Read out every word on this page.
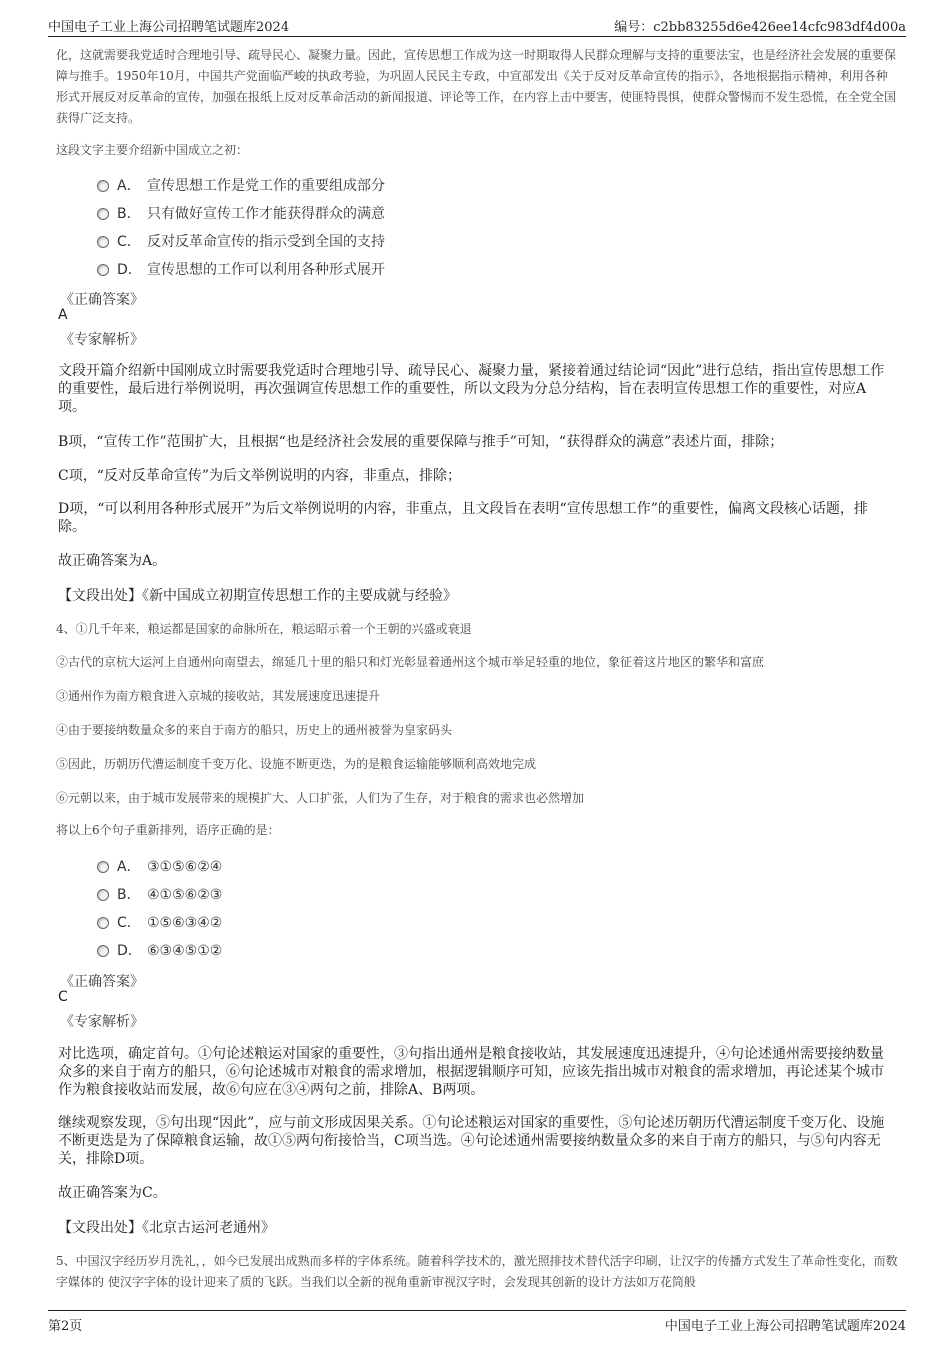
中国电子工业上海公司招聘笔试题库2024	编号：c2bb83255d6e426ee14cfc983df4d00a
化，这就需要我党适时合理地引导、疏导民心、凝聚力量。因此，宣传思想工作成为这一时期取得人民群众理解与支持的重要法宝，也是经济社会发展的重要保障与推手。1950年10月，中国共产党面临严峻的执政考验，为巩固人民民主专政，中宣部发出《关于反对反革命宣传的指示》，各地根据指示精神，利用各种形式开展反对反革命的宣传，加强在报纸上反对反革命活动的新闻报道、评论等工作，在内容上击中要害，使匪特畏惧，使群众警惕而不发生恐慌，在全党全国获得广泛支持。
这段文字主要介绍新中国成立之初：
A． 宣传思想工作是党工作的重要组成部分
B． 只有做好宣传工作才能获得群众的满意
C． 反对反革命宣传的指示受到全国的支持
D． 宣传思想的工作可以利用各种形式展开
《正确答案》
A
《专家解析》
文段开篇介绍新中国刚成立时需要我党适时合理地引导、疏导民心、凝聚力量，紧接着通过结论词“因此”进行总结，指出宣传思想工作的重要性，最后进行举例说明，再次强调宣传思想工作的重要性，所以文段为分总分结构，旨在表明宣传思想工作的重要性，对应A项。
B项，“宣传工作”范围扩大，且根据“也是经济社会发展的重要保障与推手”可知，“获得群众的满意”表述片面，排除；
C项，“反对反革命宣传”为后文举例说明的内容，非重点，排除；
D项，“可以利用各种形式展开”为后文举例说明的内容，非重点，且文段旨在表明“宣传思想工作”的重要性，偏离文段核心话题，排除。
故正确答案为A。
【文段出处】《新中国成立初期宣传思想工作的主要成就与经验》
4、①几千年来，粮运都是国家的命脉所在，粮运昭示着一个王朝的兴盛或衰退
②古代的京杭大运河上自通州向南望去，绵延几十里的船只和灯光彰显着通州这个城市举足轻重的地位，象征着这片地区的繁华和富庶
③通州作为南方粮食进入京城的接收站，其发展速度迅速提升
④由于要接纳数量众多的来自于南方的船只，历史上的通州被誉为皇家码头
⑤因此，历朝历代漕运制度千变万化、设施不断更迭，为的是粮食运输能够顺利高效地完成
⑥元朝以来，由于城市发展带来的规模扩大、人口扩张，人们为了生存，对于粮食的需求也必然增加
将以上6个句子重新排列，语序正确的是：
A． ③①⑤⑥②④
B． ④①⑤⑥②③
C． ①⑤⑥③④②
D． ⑥③④⑤①②
《正确答案》
C
《专家解析》
对比选项，确定首句。①句论述粮运对国家的重要性，③句指出通州是粮食接收站，其发展速度迅速提升，④句论述通州需要接纳数量众多的来自于南方的船只，⑥句论述城市对粮食的需求增加，根据逻辑顺序可知，应该先指出城市对粮食的需求增加，再论述某个城市作为粮食接收站而发展，故⑥句应在③④两句之前，排除A、B两项。
继续观察发现，⑤句出现“因此”，应与前文形成因果关系。①句论述粮运对国家的重要性，⑤句论述历朝历代漕运制度千变万化、设施不断更迭是为了保障粮食运输，故①⑤两句衔接恰当，C项当选。④句论述通州需要接纳数量众多的来自于南方的船只，与⑤句内容无关，排除D项。
故正确答案为C。
【文段出处】《北京古运河老通州》
5、中国汉字经历岁月洗礼，，如今已发展出成熟而多样的字体系统。随着科学技术的，激光照排技术替代活字印刷，让汉字的传播方式发生了革命性变化，而数字媒体的 使汉字字体的设计迎来了质的飞跃。当我们以全新的视角重新审视汉字时，会发现其创新的设计方法如万花筒般
第2页	中国电子工业上海公司招聘笔试题库2024
